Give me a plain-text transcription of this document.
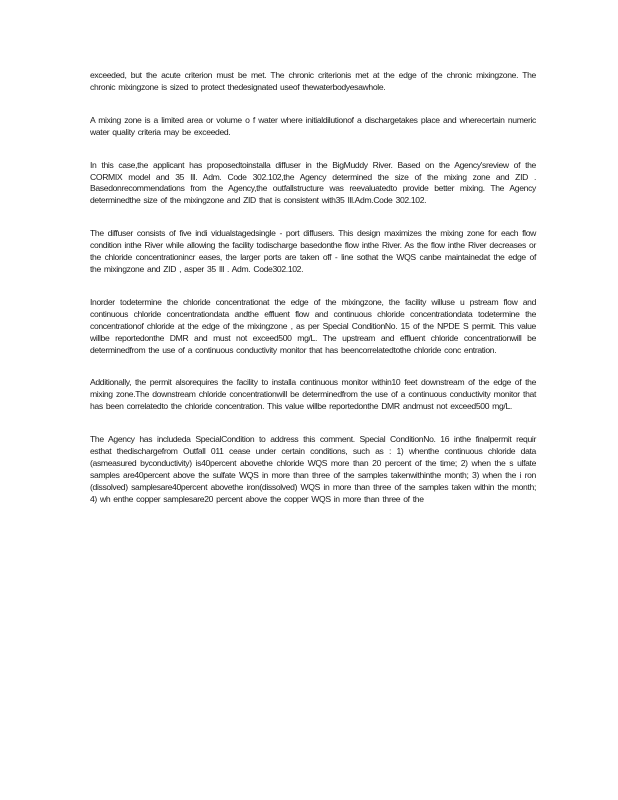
exceeded, but the acute criterion must be met. The chronic criterionis met at the edge of the chronic mixingzone. The chronic mixingzone is sized to protect thedesignated useof thewaterbodyesawhole.

A mixing zone is a limited area or volume o f water where initialdilutionof a dischargetakes place and wherecertain numeric water quality criteria may be exceeded.

In this case,the applicant has proposedtoinstalla diffuser in the BigMuddy River. Based on the Agency'sreview of the CORMIX model and 35 Ill. Adm. Code 302.102,the Agency determined the size of the mixing zone and ZID . Basedonrecommendations from the Agency,the outfallstructure was reevaluatedto provide better mixing. The Agency determinedthe size of the mixingzone and ZID that is consistent with35 Ill.Adm.Code 302.102.

The diffuser consists of five indi vidualstagedsingle - port diffusers. This design maximizes the mixing zone for each flow condition inthe River while allowing the facility todischarge basedonthe flow inthe River. As the flow inthe River decreases or the chloride concentrationincr eases, the larger ports are taken off - line sothat the WQS canbe maintainedat the edge of the mixingzone and ZID , asper 35 Ill . Adm. Code302.102.

Inorder todetermine the chloride concentrationat the edge of the mixingzone, the facility willuse u pstream flow and continuous chloride concentrationdata andthe effluent flow and continuous chloride concentrationdata todetermine the concentrationof chloride at the edge of the mixingzone , as per Special ConditionNo. 15 of the NPDE S permit. This value willbe reportedonthe DMR and must not exceed500 mg/L. The upstream and effluent chloride concentrationwill be determinedfrom the use of a continuous conductivity monitor that has beencorrelatedtothe chloride conc entration.

Additionally, the permit alsorequires the facility to installa continuous monitor within10 feet downstream of the edge of the mixing zone.The downstream chloride concentrationwill be determinedfrom the use of a continuous conductivity monitor that has been correlatedto the chloride concentration. This value willbe reportedonthe DMR andmust not exceed500 mg/L.

The Agency has includeda SpecialCondition to address this comment. Special ConditionNo. 16 inthe finalpermit requir esthat thedischargefrom Outfall 011 cease under certain conditions, such as : 1) whenthe continuous chloride data (asmeasured byconductivity) is40percent abovethe chloride WQS more than 20 percent of the time; 2) when the s ulfate samples are40percent above the sulfate WQS in more than three of the samples takenwithinthe month; 3) when the i ron (dissolved) samplesare40percent abovethe iron(dissolved) WQS in more than three of the samples taken within the month; 4) wh enthe copper samplesare20 percent above the copper WQS in more than three of the
